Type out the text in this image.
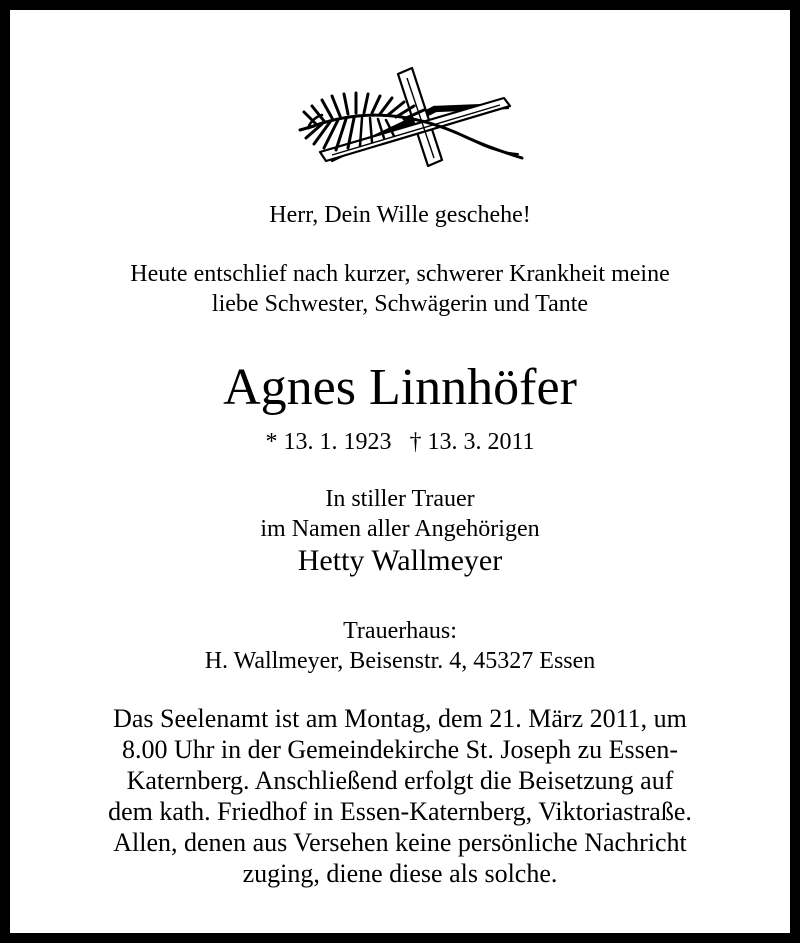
Herr, Dein Wille geschehe!
Heute entschlief nach kurzer, schwerer Krankheit meine
liebe Schwester, Schwägerin und Tante
Agnes Linnhöfer
* 13. 1. 1923 † 13. 3. 2011
In stiller Trauer
im Namen aller Angehörigen
Hetty Wallmeyer
Trauerhaus:
H. Wallmeyer, Beisenstr. 4, 45327 Essen
Das Seelenamt ist am Montag, dem 21. März 2011, um
8.00 Uhr in der Gemeindekirche St. Joseph zu Essen-
Katernberg. Anschließend erfolgt die Beisetzung auf
dem kath. Friedhof in Essen-Katernberg, Viktoriastraße.
Allen, denen aus Versehen keine persönliche Nachricht
zuging, diene diese als solche.
